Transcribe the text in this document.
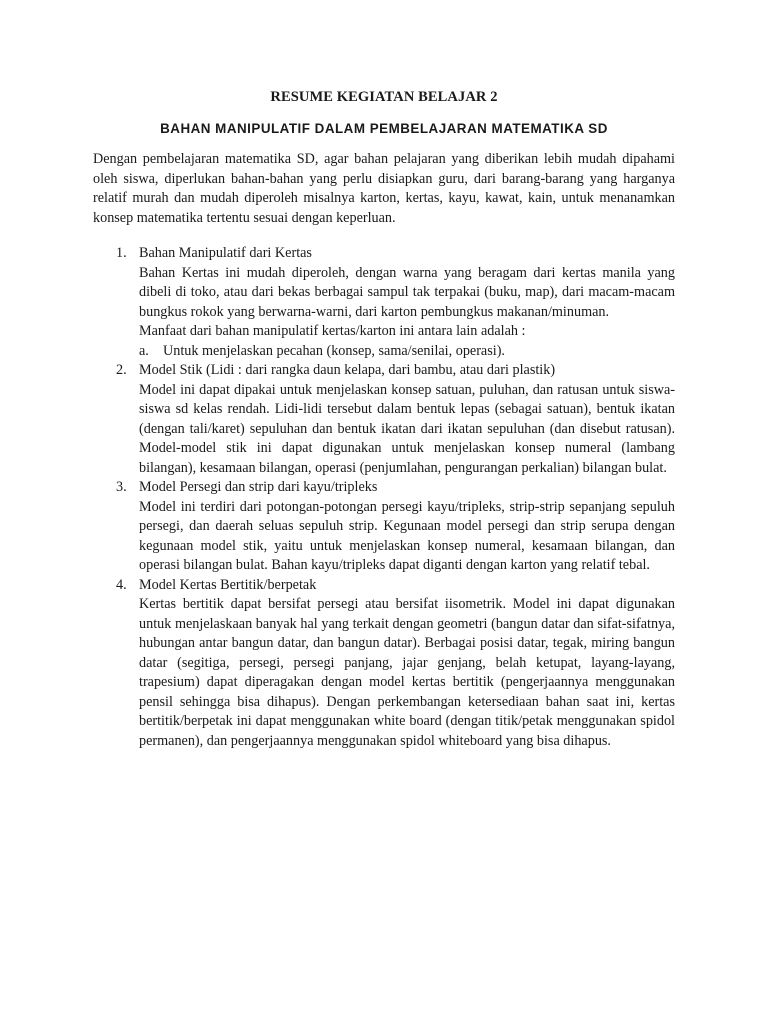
RESUME KEGIATAN BELAJAR 2
BAHAN MANIPULATIF DALAM PEMBELAJARAN MATEMATIKA SD

Dengan pembelajaran matematika SD, agar bahan pelajaran yang diberikan lebih mudah dipahami oleh siswa, diperlukan bahan-bahan yang perlu disiapkan guru, dari barang-barang yang harganya relatif murah dan mudah diperoleh misalnya karton, kertas, kayu, kawat, kain, untuk menanamkan konsep matematika tertentu sesuai dengan keperluan.

1. Bahan Manipulatif dari Kertas
Bahan Kertas ini mudah diperoleh, dengan warna yang beragam dari kertas manila yang dibeli di toko, atau dari bekas berbagai sampul tak terpakai (buku, map), dari macam-macam bungkus rokok yang berwarna-warni, dari karton pembungkus makanan/minuman.
Manfaat dari bahan manipulatif kertas/karton ini antara lain adalah :
a. Untuk menjelaskan pecahan (konsep, sama/senilai, operasi).
2. Model Stik (Lidi : dari rangka daun kelapa, dari bambu, atau dari plastik)
Model ini dapat dipakai untuk menjelaskan konsep satuan, puluhan, dan ratusan untuk siswa-siswa sd kelas rendah. Lidi-lidi tersebut dalam bentuk lepas (sebagai satuan), bentuk ikatan (dengan tali/karet) sepuluhan dan bentuk ikatan dari ikatan sepuluhan (dan disebut ratusan). Model-model stik ini dapat digunakan untuk menjelaskan konsep numeral (lambang bilangan), kesamaan bilangan, operasi (penjumlahan, pengurangan perkalian) bilangan bulat.
3. Model Persegi dan strip dari kayu/tripleks
Model ini terdiri dari potongan-potongan persegi kayu/tripleks, strip-strip sepanjang sepuluh persegi, dan daerah seluas sepuluh strip. Kegunaan model persegi dan strip serupa dengan kegunaan model stik, yaitu untuk menjelaskan konsep numeral, kesamaan bilangan, dan operasi bilangan bulat. Bahan kayu/tripleks dapat diganti dengan karton yang relatif tebal.
4. Model Kertas Bertitik/berpetak
Kertas bertitik dapat bersifat persegi atau bersifat iisometrik. Model ini dapat digunakan untuk menjelaskaan banyak hal yang terkait dengan geometri (bangun datar dan sifat-sifatnya, hubungan antar bangun datar, dan bangun datar). Berbagai posisi datar, tegak, miring bangun datar (segitiga, persegi, persegi panjang, jajar genjang, belah ketupat, layang-layang, trapesium) dapat diperagakan dengan model kertas bertitik (pengerjaannya menggunakan pensil sehingga bisa dihapus). Dengan perkembangan ketersediaan bahan saat ini, kertas bertitik/berpetak ini dapat menggunakan white board (dengan titik/petak menggunakan spidol permanen), dan pengerjaannya menggunakan spidol whiteboard yang bisa dihapus.
